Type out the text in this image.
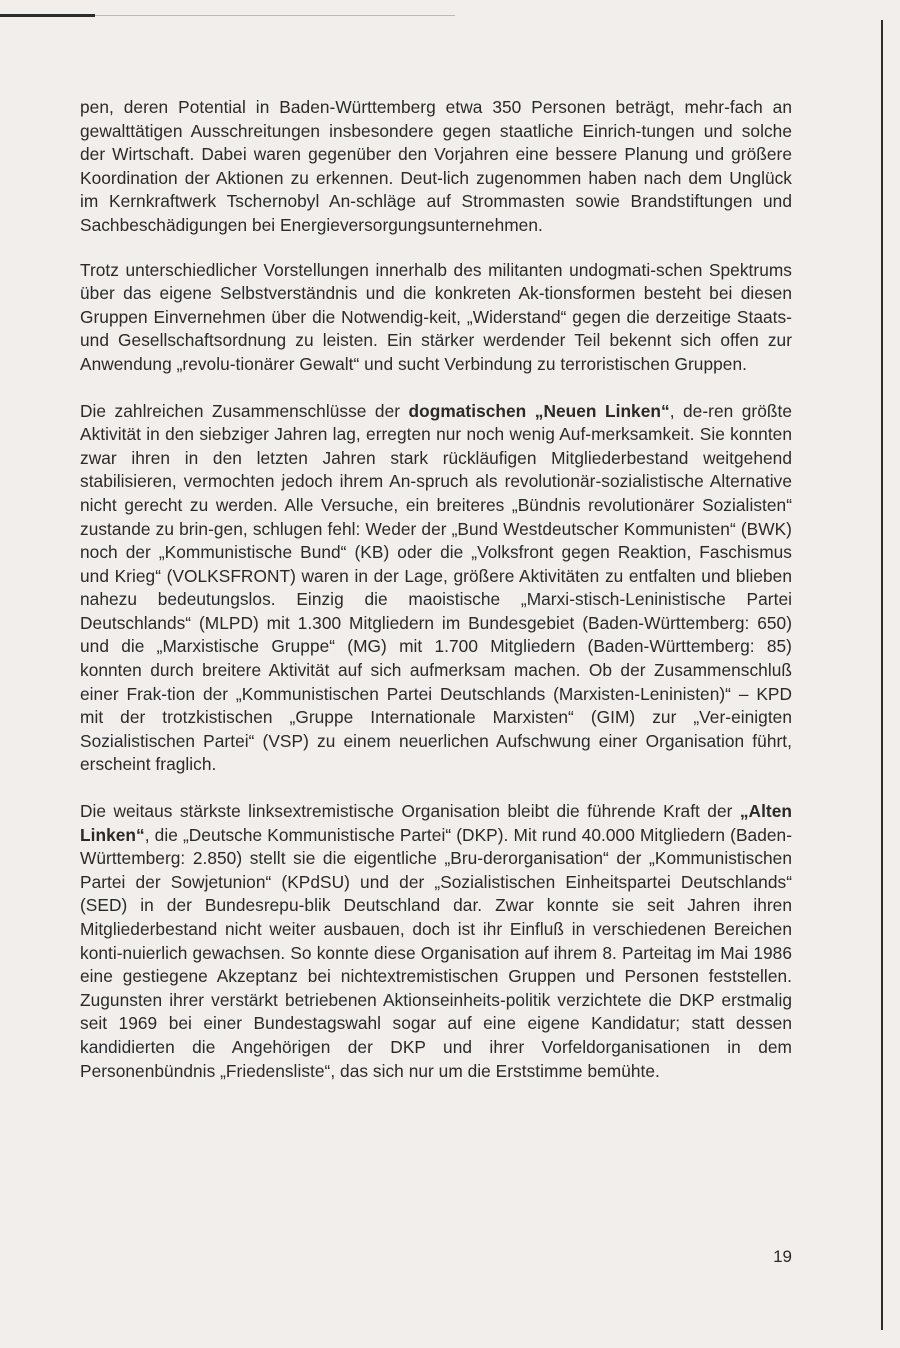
pen, deren Potential in Baden-Württemberg etwa 350 Personen beträgt, mehr-fach an gewalttätigen Ausschreitungen insbesondere gegen staatliche Einrich-tungen und solche der Wirtschaft. Dabei waren gegenüber den Vorjahren eine bessere Planung und größere Koordination der Aktionen zu erkennen. Deut-lich zugenommen haben nach dem Unglück im Kernkraftwerk Tschernobyl An-schläge auf Strommasten sowie Brandstiftungen und Sachbeschädigungen bei Energieversorgungsunternehmen.

Trotz unterschiedlicher Vorstellungen innerhalb des militanten undogmati-schen Spektrums über das eigene Selbstverständnis und die konkreten Ak-tionsformen besteht bei diesen Gruppen Einvernehmen über die Notwendig-keit, „Widerstand“ gegen die derzeitige Staats- und Gesellschaftsordnung zu leisten. Ein stärker werdender Teil bekennt sich offen zur Anwendung „revolu-tionärer Gewalt“ und sucht Verbindung zu terroristischen Gruppen.

Die zahlreichen Zusammenschlüsse der dogmatischen „Neuen Linken“, de-ren größte Aktivität in den siebziger Jahren lag, erregten nur noch wenig Auf-merksamkeit. Sie konnten zwar ihren in den letzten Jahren stark rückläufigen Mitgliederbestand weitgehend stabilisieren, vermochten jedoch ihrem An-spruch als revolutionär-sozialistische Alternative nicht gerecht zu werden. Alle Versuche, ein breiteres „Bündnis revolutionärer Sozialisten“ zustande zu brin-gen, schlugen fehl: Weder der „Bund Westdeutscher Kommunisten“ (BWK) noch der „Kommunistische Bund“ (KB) oder die „Volksfront gegen Reaktion, Faschismus und Krieg“ (VOLKSFRONT) waren in der Lage, größere Aktivitäten zu entfalten und blieben nahezu bedeutungslos. Einzig die maoistische „Marxi-stisch-Leninistische Partei Deutschlands“ (MLPD) mit 1.300 Mitgliedern im Bundesgebiet (Baden-Württemberg: 650) und die „Marxistische Gruppe“ (MG) mit 1.700 Mitgliedern (Baden-Württemberg: 85) konnten durch breitere Aktivität auf sich aufmerksam machen. Ob der Zusammenschluß einer Frak-tion der „Kommunistischen Partei Deutschlands (Marxisten-Leninisten)“ – KPD mit der trotzkistischen „Gruppe Internationale Marxisten“ (GIM) zur „Ver-einigten Sozialistischen Partei“ (VSP) zu einem neuerlichen Aufschwung einer Organisation führt, erscheint fraglich.

Die weitaus stärkste linksextremistische Organisation bleibt die führende Kraft der „Alten Linken“, die „Deutsche Kommunistische Partei“ (DKP). Mit rund 40.000 Mitgliedern (Baden-Württemberg: 2.850) stellt sie die eigentliche „Bru-derorganisation“ der „Kommunistischen Partei der Sowjetunion“ (KPdSU) und der „Sozialistischen Einheitspartei Deutschlands“ (SED) in der Bundesrepu-blik Deutschland dar. Zwar konnte sie seit Jahren ihren Mitgliederbestand nicht weiter ausbauen, doch ist ihr Einfluß in verschiedenen Bereichen konti-nuierlich gewachsen. So konnte diese Organisation auf ihrem 8. Parteitag im Mai 1986 eine gestiegene Akzeptanz bei nichtextremistischen Gruppen und Personen feststellen. Zugunsten ihrer verstärkt betriebenen Aktionseinheits-politik verzichtete die DKP erstmalig seit 1969 bei einer Bundestagswahl sogar auf eine eigene Kandidatur; statt dessen kandidierten die Angehörigen der DKP und ihrer Vorfeldorganisationen in dem Personenbündnis „Friedensliste“, das sich nur um die Erststimme bemühte.

19
